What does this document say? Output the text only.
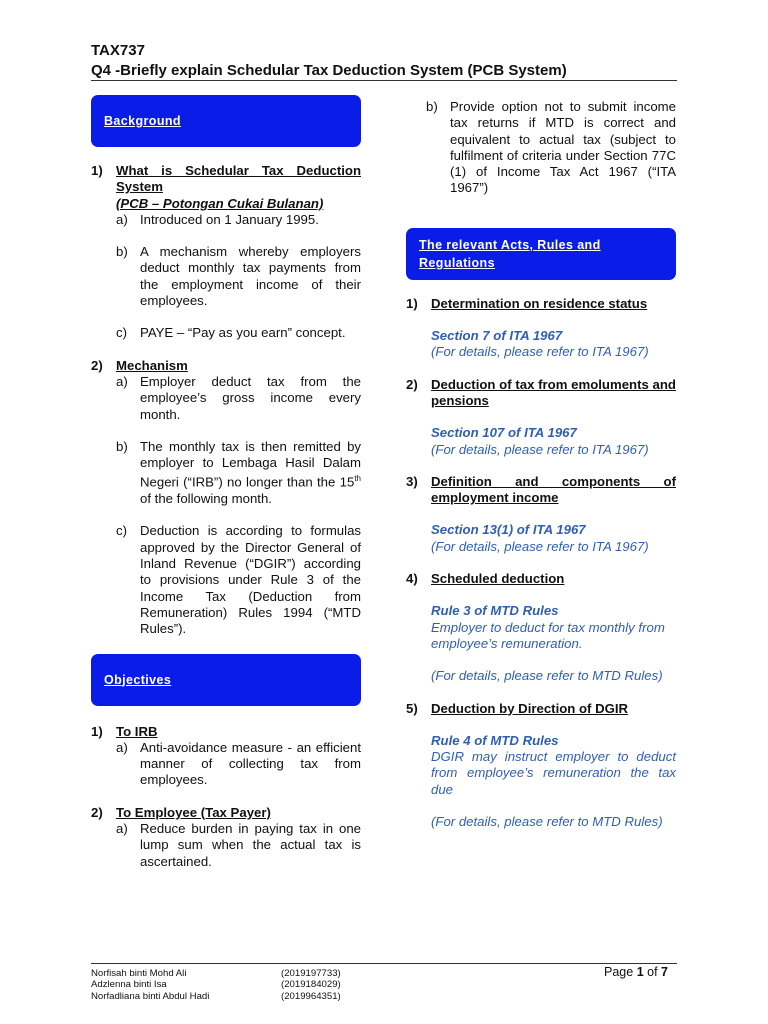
TAX737
Q4 -Briefly explain Schedular Tax Deduction System (PCB System)
Background
1)	What is Schedular Tax Deduction System
(PCB – Potongan Cukai Bulanan)
a) Introduced on 1 January 1995.
b) A mechanism whereby employers deduct monthly tax payments from the employment income of their employees.
c) PAYE – “Pay as you earn” concept.
2)	Mechanism
a) Employer deduct tax from the employee’s gross income every month.
b) The monthly tax is then remitted by employer to Lembaga Hasil Dalam Negeri (“IRB”) no longer than the 15th of the following month.
c) Deduction is according to formulas approved by the Director General of Inland Revenue (“DGIR”) according to provisions under Rule 3 of the Income Tax (Deduction from Remuneration) Rules 1994 (“MTD Rules”).
Objectives
1)	To IRB
a) Anti-avoidance measure - an efficient manner of collecting tax from employees.
2)	To Employee (Tax Payer)
a) Reduce burden in paying tax in one lump sum when the actual tax is ascertained.
b) Provide option not to submit income tax returns if MTD is correct and equivalent to actual tax (subject to fulfilment of criteria under Section 77C (1) of Income Tax Act 1967 (“ITA 1967”)
The relevant Acts, Rules and Regulations
1)	Determination on residence status
Section 7 of ITA 1967
(For details, please refer to ITA 1967)
2)	Deduction of tax from emoluments and pensions
Section 107 of ITA 1967
(For details, please refer to ITA 1967)
3)	Definition and components of employment income
Section 13(1) of ITA 1967
(For details, please refer to ITA 1967)
4)	Scheduled deduction
Rule 3 of MTD Rules
Employer to deduct for tax monthly from employee’s remuneration.
(For details, please refer to MTD Rules)
5)	Deduction by Direction of DGIR
Rule 4 of MTD Rules
DGIR may instruct employer to deduct from employee’s remuneration the tax due
(For details, please refer to MTD Rules)
Norfisah binti Mohd Ali	(2019197733)
Adzlenna binti Isa	(2019184029)
Norfadliana binti Abdul Hadi	(2019964351)
Page 1 of 7
